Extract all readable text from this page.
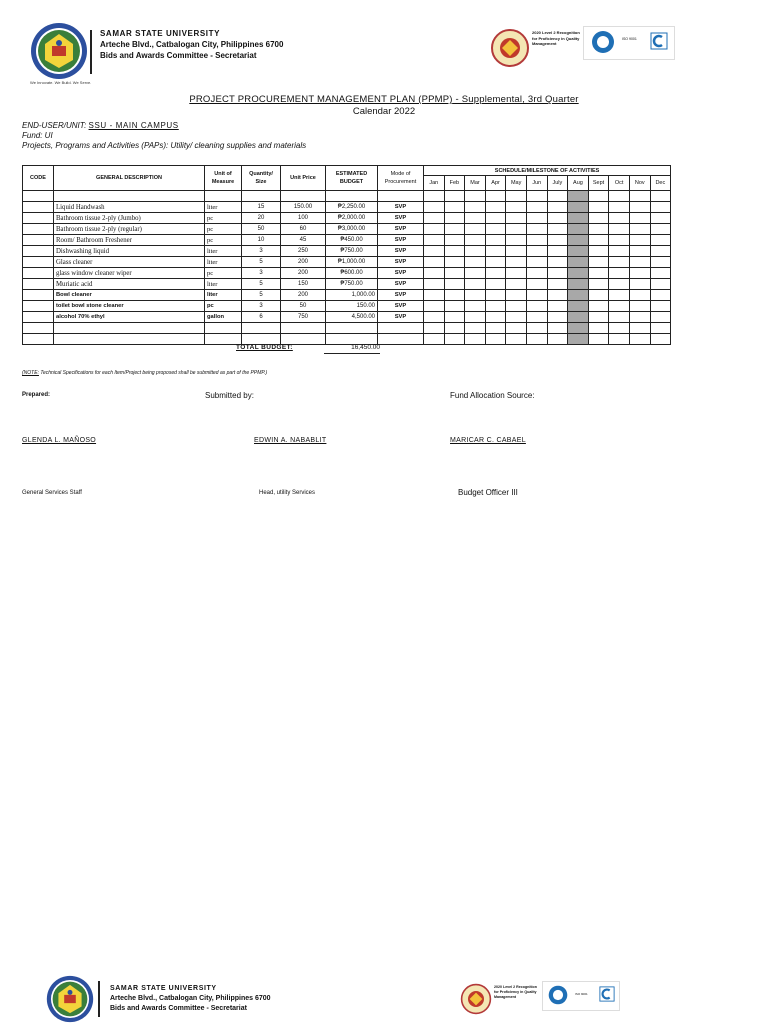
SAMAR STATE UNIVERSITY
Arteche Blvd., Catbalogan City, Philippines 6700
Bids and Awards Committee - Secretariat
We Innovate. We Build. We Serve.
2020 Level 2 Recognition for Proficiency in Quality Management
ISO 9001
PROJECT PROCUREMENT MANAGEMENT PLAN (PPMP) - Supplemental, 3rd Quarter
Calendar 2022
END-USER/UNIT: SSU - MAIN CAMPUS
Fund: UI
Projects, Programs and Activities (PAPs): Utility/ cleaning supplies and materials
CODE	GENERAL DESCRIPTION	Unit of Measure	Quantity/ Size	Unit Price	ESTIMATED BUDGET	Mode of Procurement	SCHEDULE/MILESTONE OF ACTIVITIES											
							Jan	Feb	Mar	Apr	May	Jun	July	Aug	Sept	Oct	Nov	Dec

	Liquid Handwash	liter	15	150.00	₱2,250.00	SVP												
	Bathroom tissue 2-ply (Jumbo)	pc	20	100	₱2,000.00	SVP												
	Bathroom tissue 2-ply (regular)	pc	50	60	₱3,000.00	SVP												
	Room/ Bathroom Freshener	pc	10	45	₱450.00	SVP												
	Dishwashing liquid	liter	3	250	₱750.00	SVP												
	Glass cleaner	liter	5	200	₱1,000.00	SVP												
	glass window cleaner wiper	pc	3	200	₱600.00	SVP												
	Muriatic acid	liter	5	150	₱750.00	SVP												
	Bowl cleaner	liter	5	200	1,000.00	SVP												
	toilet bowl stone cleaner	pc	3	50	150.00	SVP												
	alcohol 70% ethyl	gallon	6	750	4,500.00	SVP												

TOTAL BUDGET:	16,450.00
(NOTE: Technical Specifications for each Item/Project being proposed shall be submitted as part of the PPMP.)
Prepared:	Submitted by:	Fund Allocation Source:
GLENDA L. MAÑOSO	EDWIN A. NABABLIT	MARICAR C. CABAEL
General Services Staff	Head, utility Services	Budget Officer III
SAMAR STATE UNIVERSITY
Arteche Blvd., Catbalogan City, Philippines 6700
Bids and Awards Committee - Secretariat
2020 Level 2 Recognition for Proficiency in Quality Management
ISO 9001
